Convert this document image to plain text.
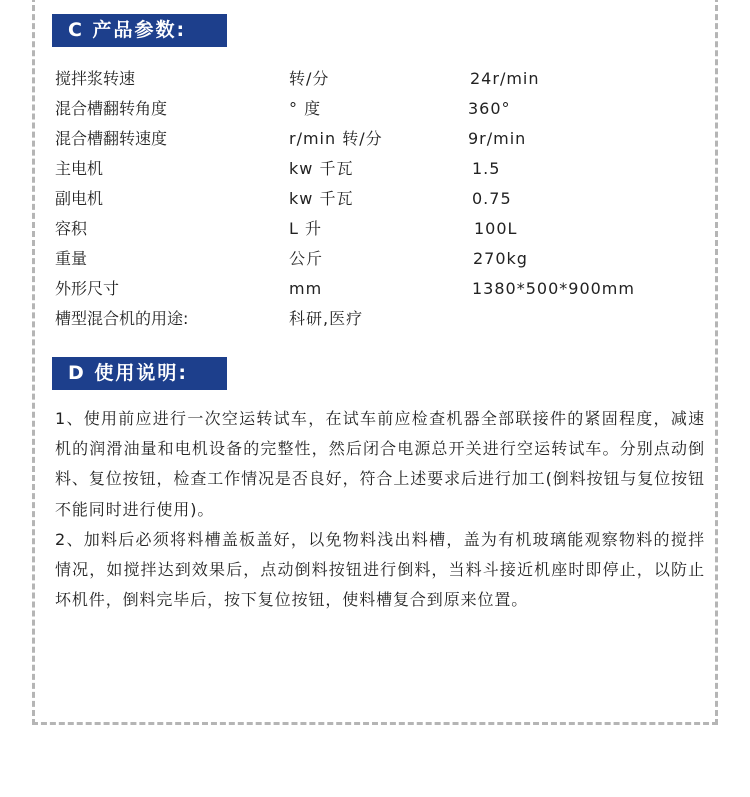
C 产品参数:
搅拌浆转速	转/分	24r/min
混合槽翻转角度	° 度	360°
混合槽翻转速度	r/min 转/分	9r/min
主电机	kw 千瓦	1.5
副电机	kw 千瓦	0.75
容积	L 升	100L
重量	公斤	270kg
外形尺寸	mm	1380*500*900mm
槽型混合机的用途:	科研,医疗
D 使用说明:

1、使用前应进行一次空运转试车，在试车前应检查机器全部联接件的紧固程度，减速机的润滑油量和电机设备的完整性，然后闭合电源总开关进行空运转试车。分别点动倒料、复位按钮，检查工作情况是否良好，符合上述要求后进行加工(倒料按钮与复位按钮不能同时进行使用)。

2、加料后必须将料槽盖板盖好，以免物料浅出料槽，盖为有机玻璃能观察物料的搅拌情况，如搅拌达到效果后，点动倒料按钮进行倒料，当料斗接近机座时即停止，以防止坏机件，倒料完毕后，按下复位按钮，使料槽复合到原来位置。
